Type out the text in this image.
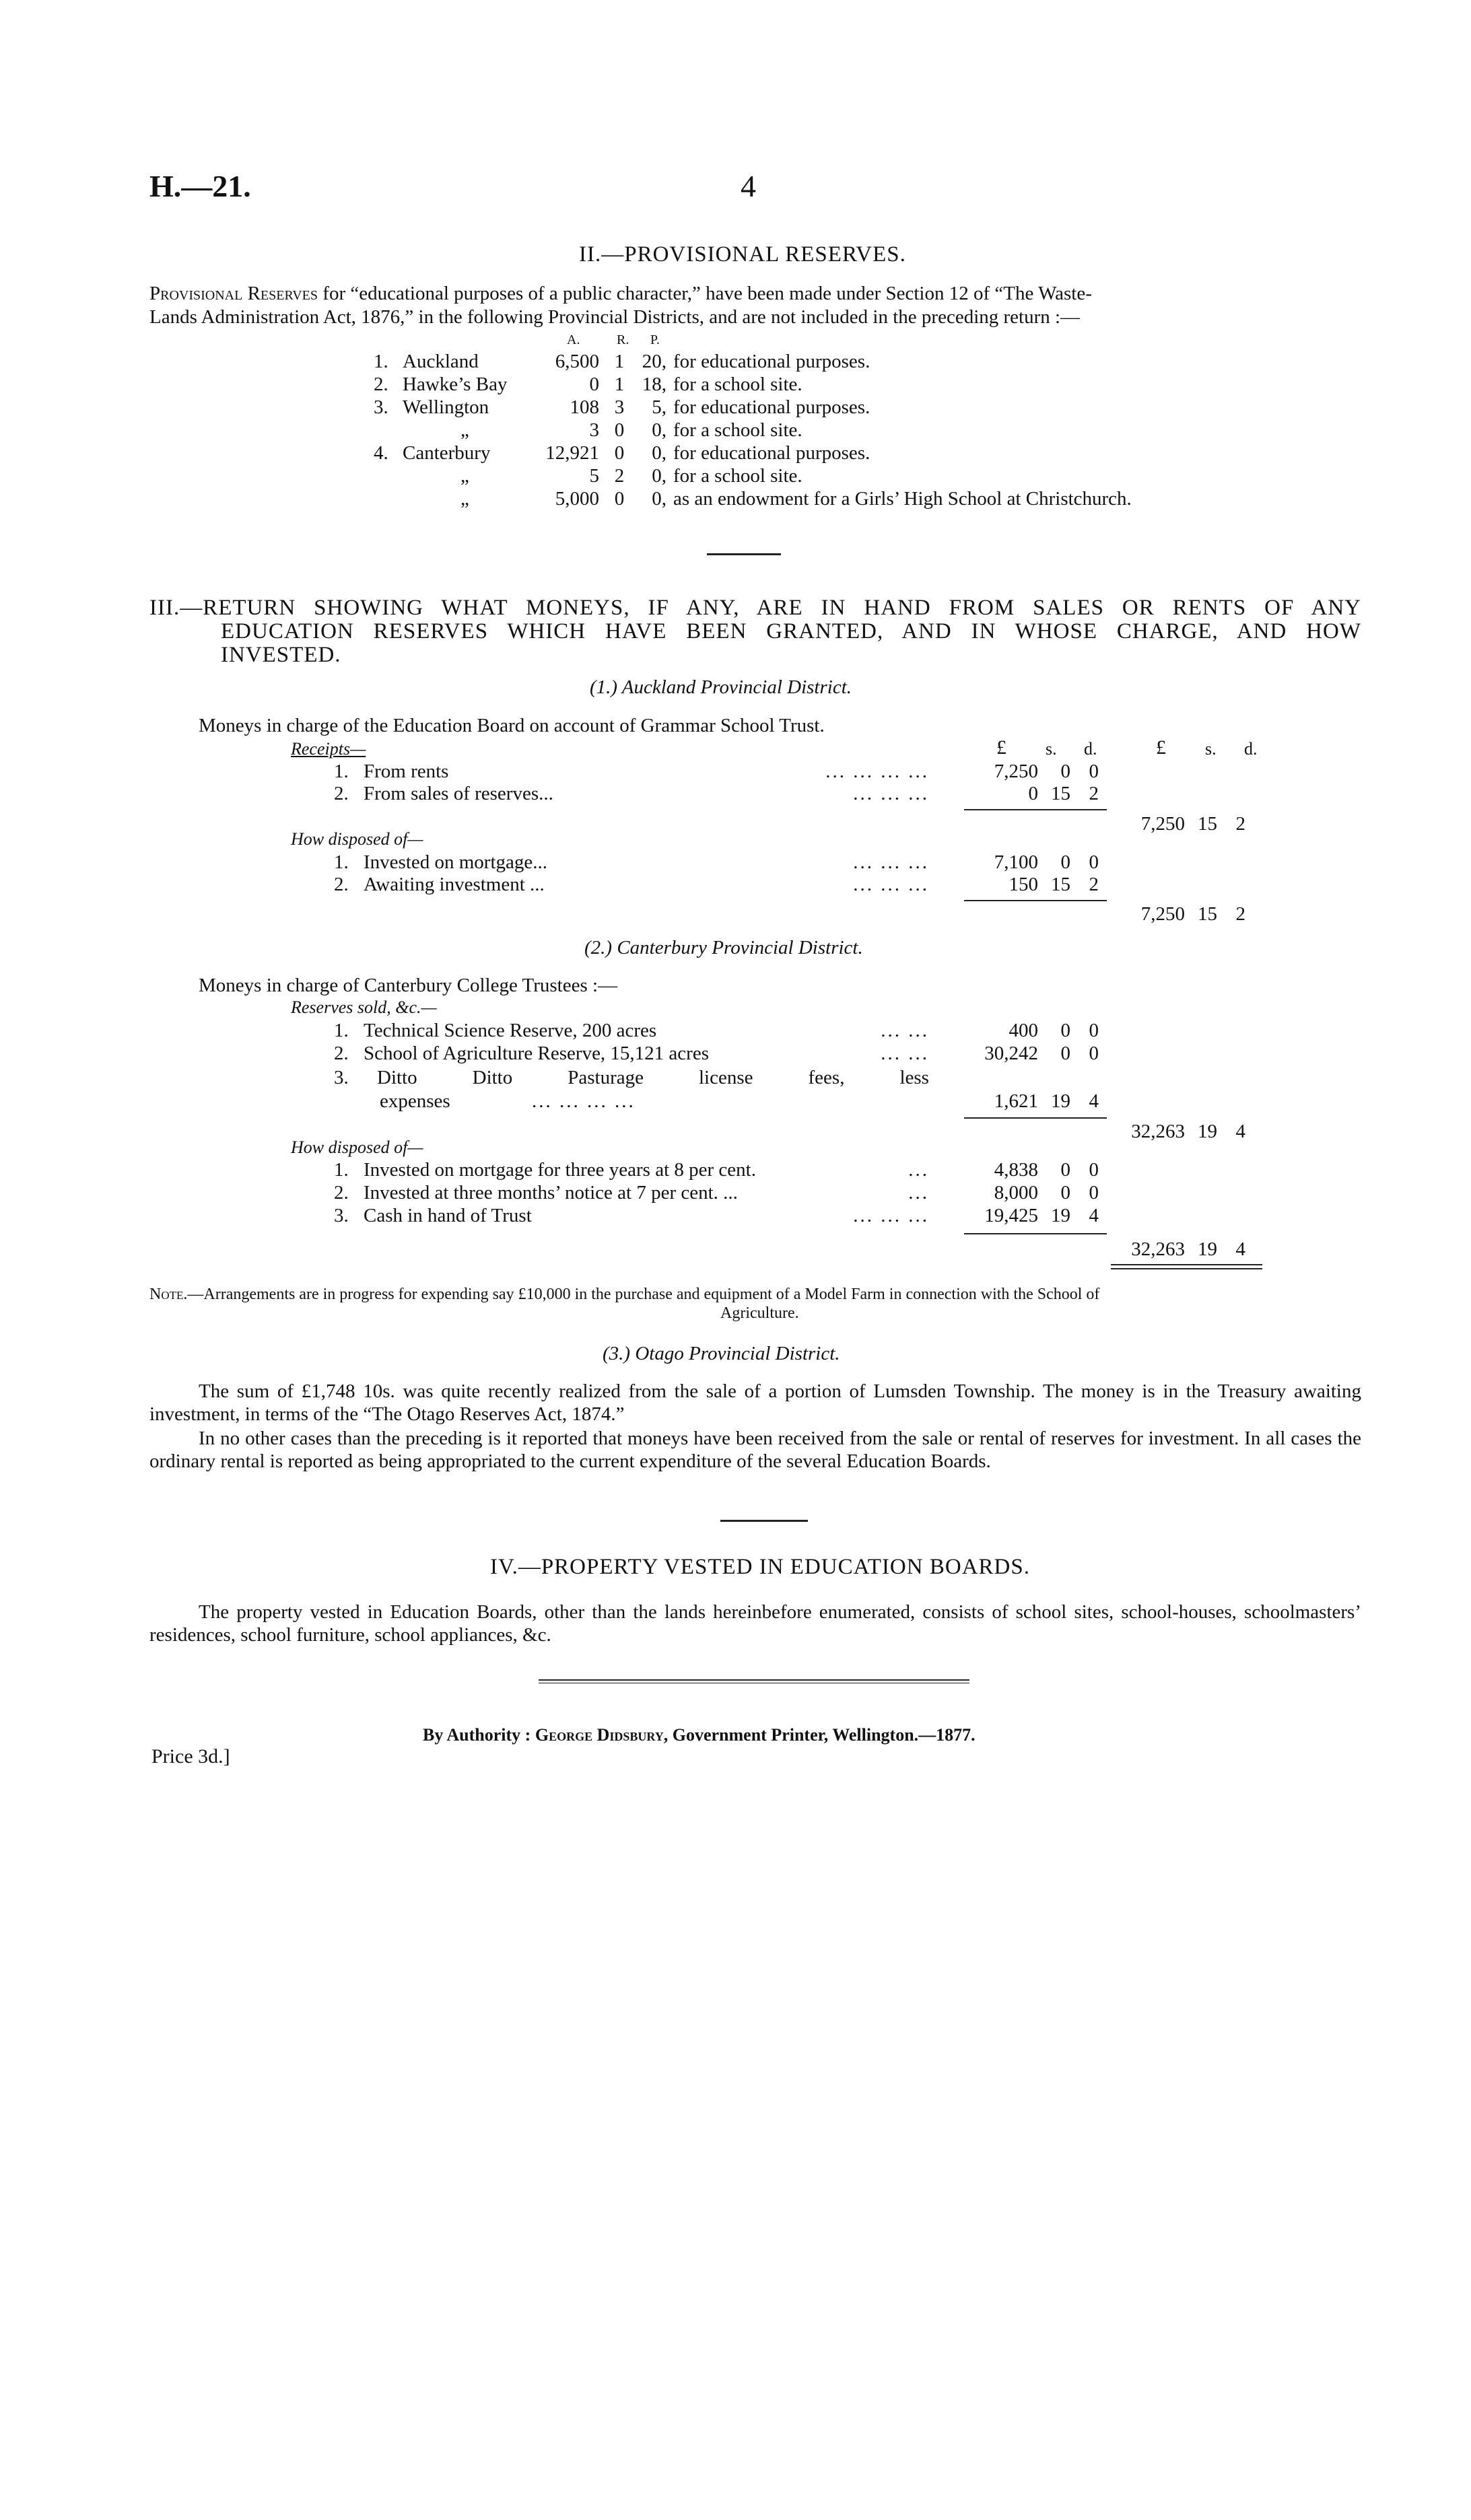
H.—21.	4
II.—PROVISIONAL RESERVES.
Provisional Reserves for “educational purposes of a public character,” have been made under Section 12 of “The Waste-
Lands Administration Act, 1876,” in the following Provincial Districts, and are not included in the preceding return :—
A.	R. P.
1. Auckland	6,500 1 20, for educational purposes.
2. Hawke’s Bay	0 1 18, for a school site.
3. Wellington	108 3	5, for educational purposes.
„	3 0	0, for a school site.
4. Canterbury	12,921 0	0, for educational purposes.
„	5 2	0, for a school site.
„	5,000 0	0, as an endowment for a Girls’ High School at Christchurch.
III.—RETURN SHOWING WHAT MONEYS, IF ANY, ARE IN HAND FROM SALES OR RENTS OF ANY
EDUCATION RESERVES WHICH HAVE BEEN GRANTED, AND IN WHOSE CHARGE, AND HOW
INVESTED.
(1.) Auckland Provincial District.
Moneys in charge of the Education Board on account of Grammar School Trust.
£ s. d.	£ s. d.
Receipts—
1. From rents	... ... ... ...	7,250	0 0
2. From sales of reserves...	... ... ...	0 15 2
7,250 15 2
How disposed of—
1. Invested on mortgage...	... ... ...	7,100	0 0
2. Awaiting investment ...	... ... ...	150 15 2
7,250 15 2
(2.) Canterbury Provincial District.
Moneys in charge of Canterbury College Trustees :—
Reserves sold, &c.—
1. Technical Science Reserve, 200 acres	... ...	400	0 0
2. School of Agriculture Reserve, 15,121 acres	... ...	30,242	0 0
3. Ditto	Ditto	Pasturage	license	fees,	less
expenses	... ... ... ...	1,621 19 4
32,263 19 4
How disposed of—
1. Invested on mortgage for three years at 8 per cent.	...	4,838	0 0
2. Invested at three months’ notice at 7 per cent. ...	...	8,000	0 0
3. Cash in hand of Trust	... ... ...	19,425 19 4
32,263 19 4
Note.—Arrangements are in progress for expending say £10,000 in the purchase and equipment of a Model Farm in connection with the School of
Agriculture.
(3.) Otago Provincial District.
The sum of £1,748 10s. was quite recently realized from the sale of a portion of Lumsden Township. The money is in the Treasury awaiting investment, in terms of the “The Otago Reserves Act, 1874.”
In no other cases than the preceding is it reported that moneys have been received from the sale or rental of reserves for investment. In all cases the ordinary rental is reported as being appropriated to the current expenditure of the several Education Boards.
IV.—PROPERTY VESTED IN EDUCATION BOARDS.
The property vested in Education Boards, other than the lands hereinbefore enumerated, consists of school sites, school-houses, schoolmasters’ residences, school furniture, school appliances, &c.
By Authority : George Didsbury, Government Printer, Wellington.—1877.
Price 3d.]
